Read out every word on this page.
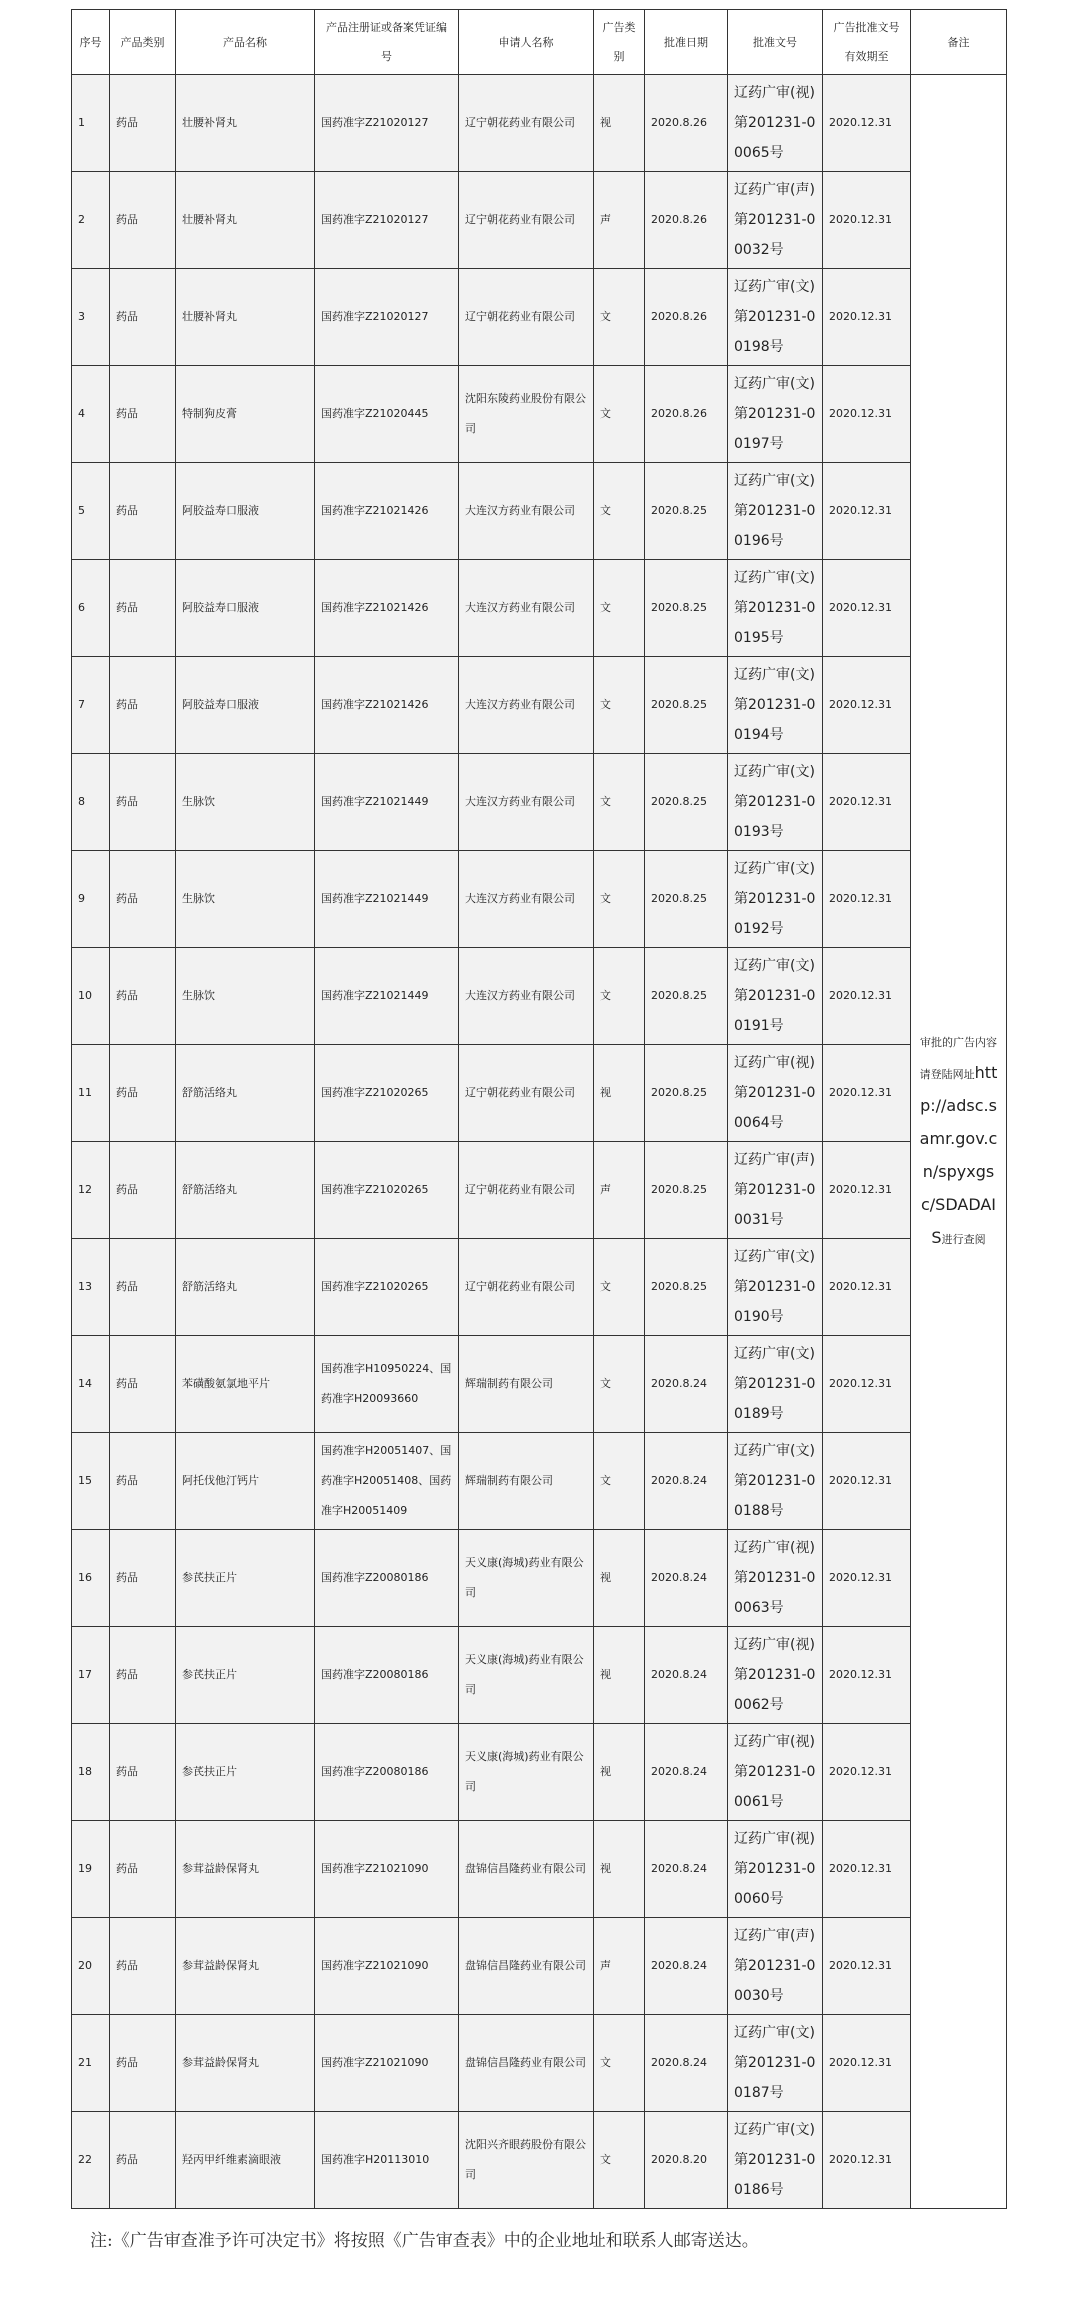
序号	产品类别	产品名称	产品注册证或备案凭证编号	申请人名称	广告类别	批准日期	批准文号	广告批准文号有效期至	备注
1	药品	壮腰补肾丸	国药准字Z21020127	辽宁朝花药业有限公司	视	2020.8.26	辽药广审(视)第201231-00065号	2020.12.31	审批的广告内容请登陆网址http://adsc.samr.gov.cn/spyxgsc/SDADAIS进行查阅
2	药品	壮腰补肾丸	国药准字Z21020127	辽宁朝花药业有限公司	声	2020.8.26	辽药广审(声)第201231-00032号	2020.12.31	
3	药品	壮腰补肾丸	国药准字Z21020127	辽宁朝花药业有限公司	文	2020.8.26	辽药广审(文)第201231-00198号	2020.12.31	
4	药品	特制狗皮膏	国药准字Z21020445	沈阳东陵药业股份有限公司	文	2020.8.26	辽药广审(文)第201231-00197号	2020.12.31	
5	药品	阿胶益寿口服液	国药准字Z21021426	大连汉方药业有限公司	文	2020.8.25	辽药广审(文)第201231-00196号	2020.12.31	
6	药品	阿胶益寿口服液	国药准字Z21021426	大连汉方药业有限公司	文	2020.8.25	辽药广审(文)第201231-00195号	2020.12.31	
7	药品	阿胶益寿口服液	国药准字Z21021426	大连汉方药业有限公司	文	2020.8.25	辽药广审(文)第201231-00194号	2020.12.31	
8	药品	生脉饮	国药准字Z21021449	大连汉方药业有限公司	文	2020.8.25	辽药广审(文)第201231-00193号	2020.12.31	
9	药品	生脉饮	国药准字Z21021449	大连汉方药业有限公司	文	2020.8.25	辽药广审(文)第201231-00192号	2020.12.31	
10	药品	生脉饮	国药准字Z21021449	大连汉方药业有限公司	文	2020.8.25	辽药广审(文)第201231-00191号	2020.12.31	
11	药品	舒筋活络丸	国药准字Z21020265	辽宁朝花药业有限公司	视	2020.8.25	辽药广审(视)第201231-00064号	2020.12.31	
12	药品	舒筋活络丸	国药准字Z21020265	辽宁朝花药业有限公司	声	2020.8.25	辽药广审(声)第201231-00031号	2020.12.31	
13	药品	舒筋活络丸	国药准字Z21020265	辽宁朝花药业有限公司	文	2020.8.25	辽药广审(文)第201231-00190号	2020.12.31	
14	药品	苯磺酸氨氯地平片	国药准字H10950224、国药准字H20093660	辉瑞制药有限公司	文	2020.8.24	辽药广审(文)第201231-00189号	2020.12.31	
15	药品	阿托伐他汀钙片	国药准字H20051407、国药准字H20051408、国药准字H20051409	辉瑞制药有限公司	文	2020.8.24	辽药广审(文)第201231-00188号	2020.12.31	
16	药品	参芪扶正片	国药准字Z20080186	天义康(海城)药业有限公司	视	2020.8.24	辽药广审(视)第201231-00063号	2020.12.31	
17	药品	参芪扶正片	国药准字Z20080186	天义康(海城)药业有限公司	视	2020.8.24	辽药广审(视)第201231-00062号	2020.12.31	
18	药品	参芪扶正片	国药准字Z20080186	天义康(海城)药业有限公司	视	2020.8.24	辽药广审(视)第201231-00061号	2020.12.31	
19	药品	参茸益龄保肾丸	国药准字Z21021090	盘锦信昌隆药业有限公司	视	2020.8.24	辽药广审(视)第201231-00060号	2020.12.31	
20	药品	参茸益龄保肾丸	国药准字Z21021090	盘锦信昌隆药业有限公司	声	2020.8.24	辽药广审(声)第201231-00030号	2020.12.31	
21	药品	参茸益龄保肾丸	国药准字Z21021090	盘锦信昌隆药业有限公司	文	2020.8.24	辽药广审(文)第201231-00187号	2020.12.31	
22	药品	羟丙甲纤维素滴眼液	国药准字H20113010	沈阳兴齐眼药股份有限公司	文	2020.8.20	辽药广审(文)第201231-00186号	2020.12.31	
注:《广告审查准予许可决定书》将按照《广告审查表》中的企业地址和联系人邮寄送达。
